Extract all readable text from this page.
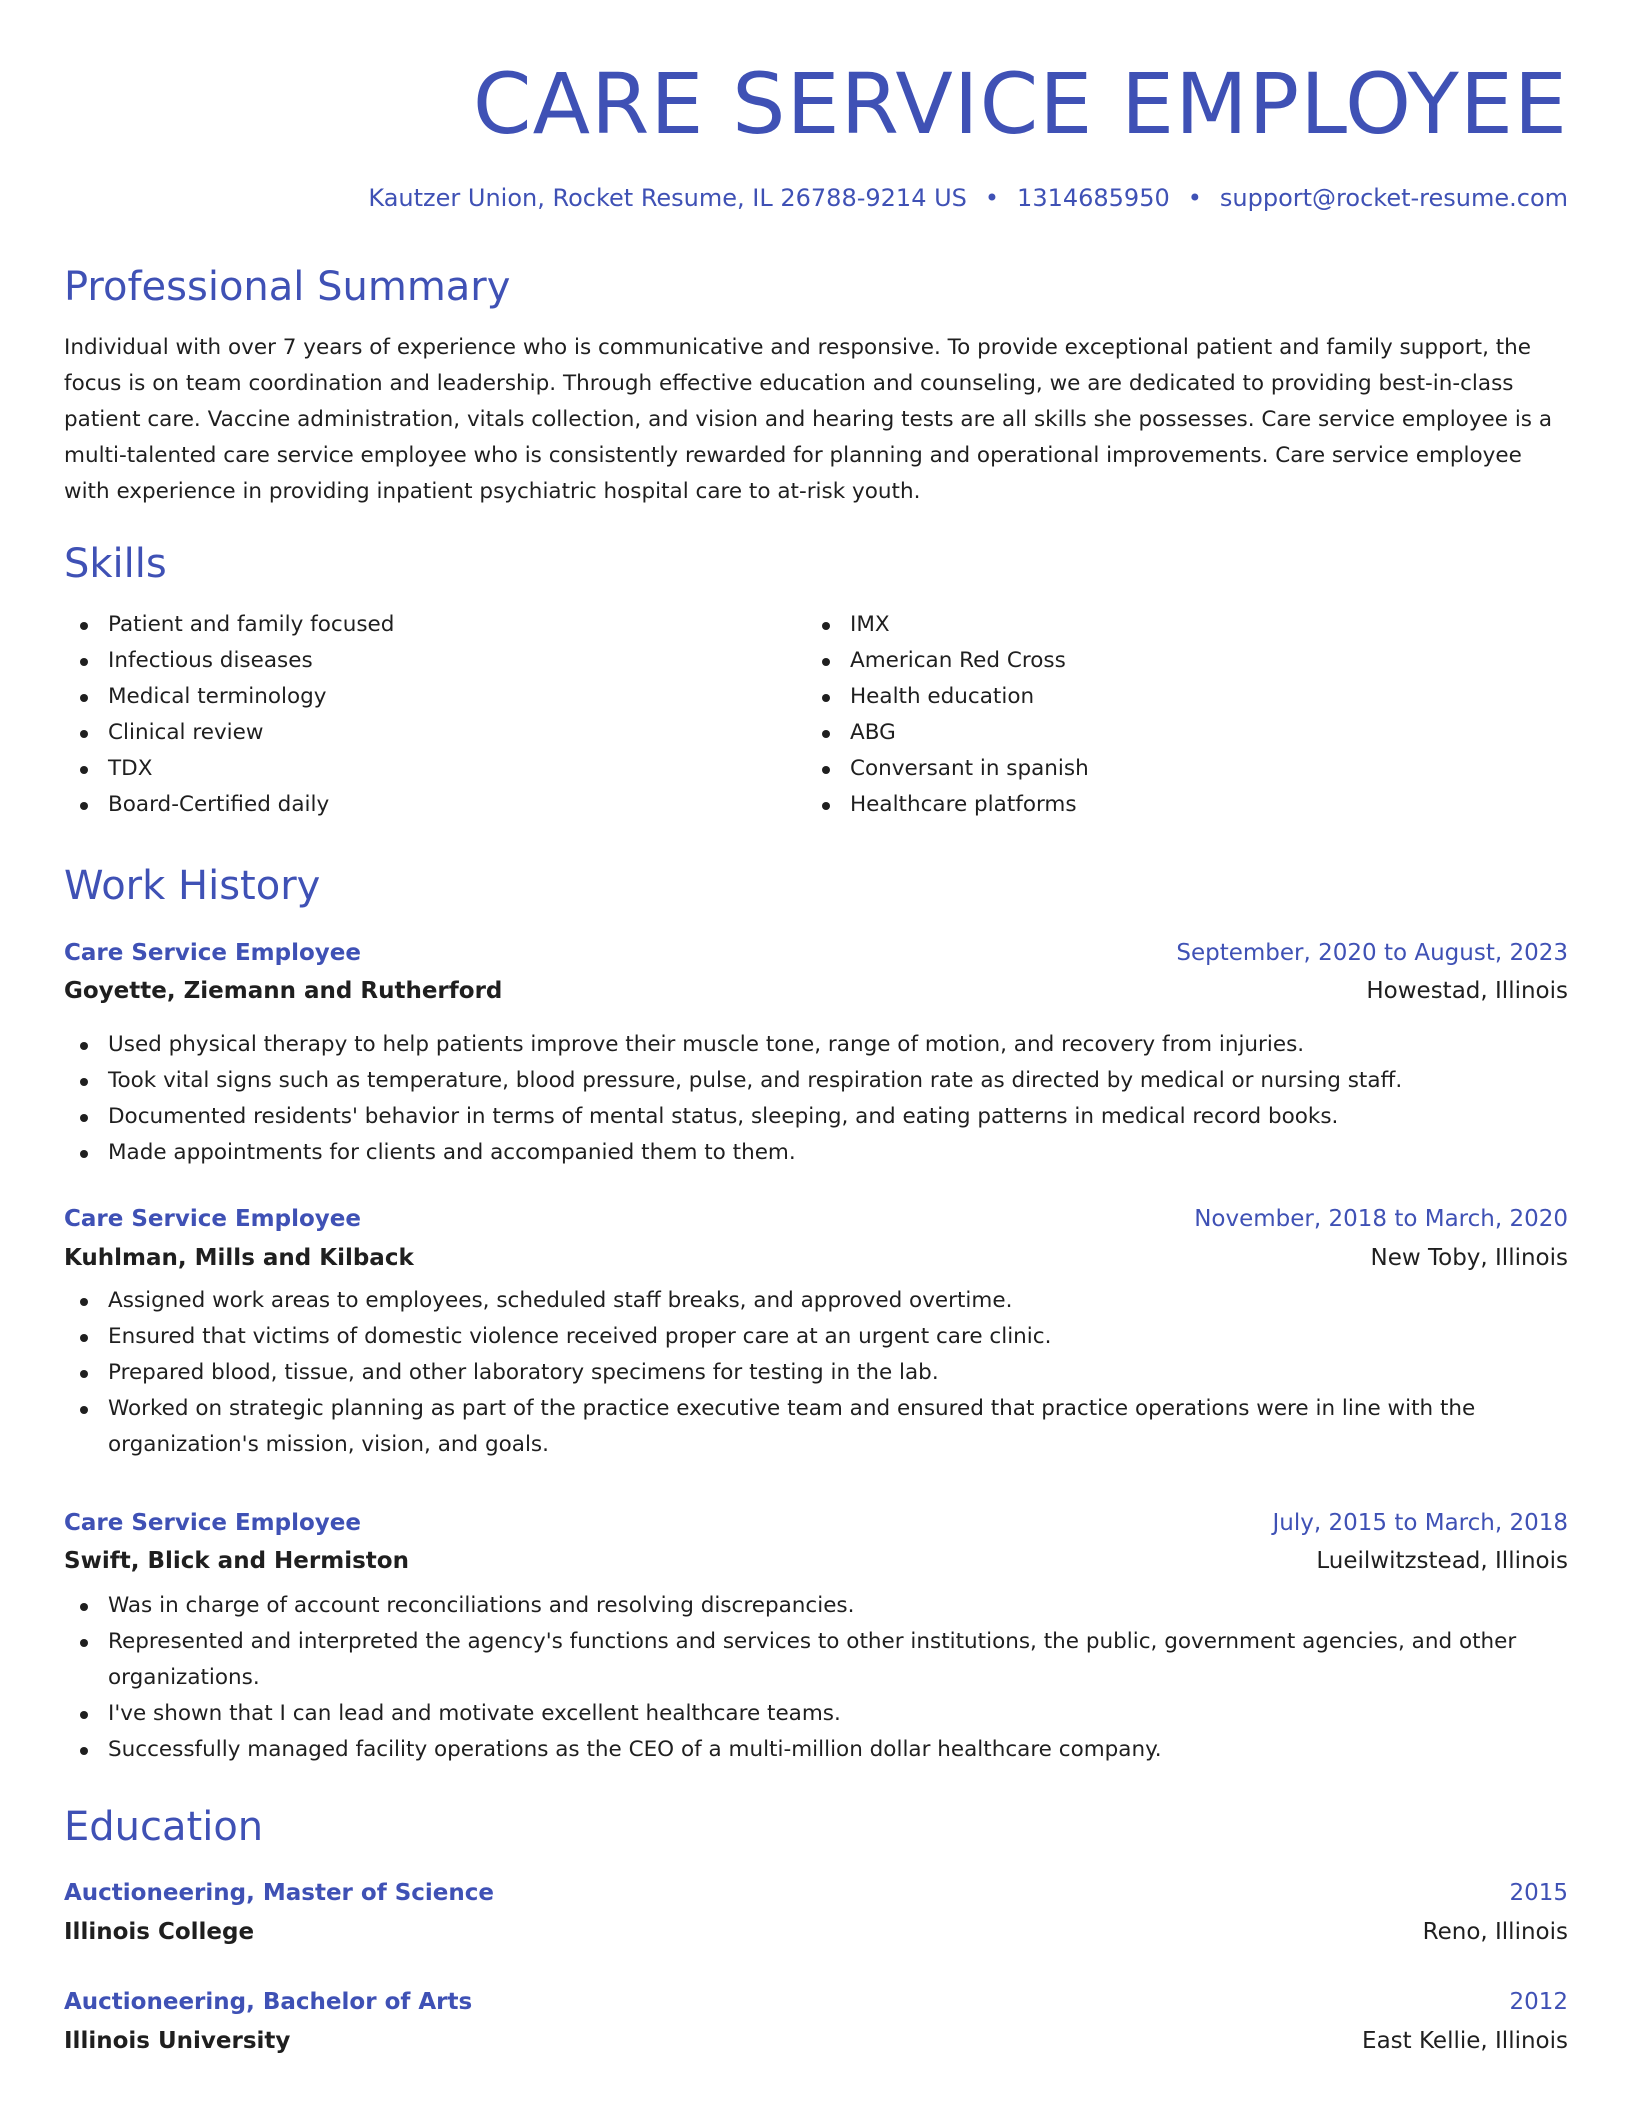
CARE SERVICE EMPLOYEE
Kautzer Union, Rocket Resume, IL 26788-9214 US • 1314685950 • support@rocket-resume.com
Professional Summary
Individual with over 7 years of experience who is communicative and responsive. To provide exceptional patient and family support, the focus is on team coordination and leadership. Through effective education and counseling, we are dedicated to providing best-in-class patient care. Vaccine administration, vitals collection, and vision and hearing tests are all skills she possesses. Care service employee is a multi-talented care service employee who is consistently rewarded for planning and operational improvements. Care service employee with experience in providing inpatient psychiatric hospital care to at-risk youth.
Skills
Patient and family focused
Infectious diseases
Medical terminology
Clinical review
TDX
Board-Certified daily
IMX
American Red Cross
Health education
ABG
Conversant in spanish
Healthcare platforms
Work History
Care Service Employee	September, 2020 to August, 2023
Goyette, Ziemann and Rutherford	Howestad, Illinois
Used physical therapy to help patients improve their muscle tone, range of motion, and recovery from injuries.
Took vital signs such as temperature, blood pressure, pulse, and respiration rate as directed by medical or nursing staff.
Documented residents' behavior in terms of mental status, sleeping, and eating patterns in medical record books.
Made appointments for clients and accompanied them to them.
Care Service Employee	November, 2018 to March, 2020
Kuhlman, Mills and Kilback	New Toby, Illinois
Assigned work areas to employees, scheduled staff breaks, and approved overtime.
Ensured that victims of domestic violence received proper care at an urgent care clinic.
Prepared blood, tissue, and other laboratory specimens for testing in the lab.
Worked on strategic planning as part of the practice executive team and ensured that practice operations were in line with the organization's mission, vision, and goals.
Care Service Employee	July, 2015 to March, 2018
Swift, Blick and Hermiston	Lueilwitzstead, Illinois
Was in charge of account reconciliations and resolving discrepancies.
Represented and interpreted the agency's functions and services to other institutions, the public, government agencies, and other organizations.
I've shown that I can lead and motivate excellent healthcare teams.
Successfully managed facility operations as the CEO of a multi-million dollar healthcare company.
Education
Auctioneering, Master of Science	2015
Illinois College	Reno, Illinois
Auctioneering, Bachelor of Arts	2012
Illinois University	East Kellie, Illinois
